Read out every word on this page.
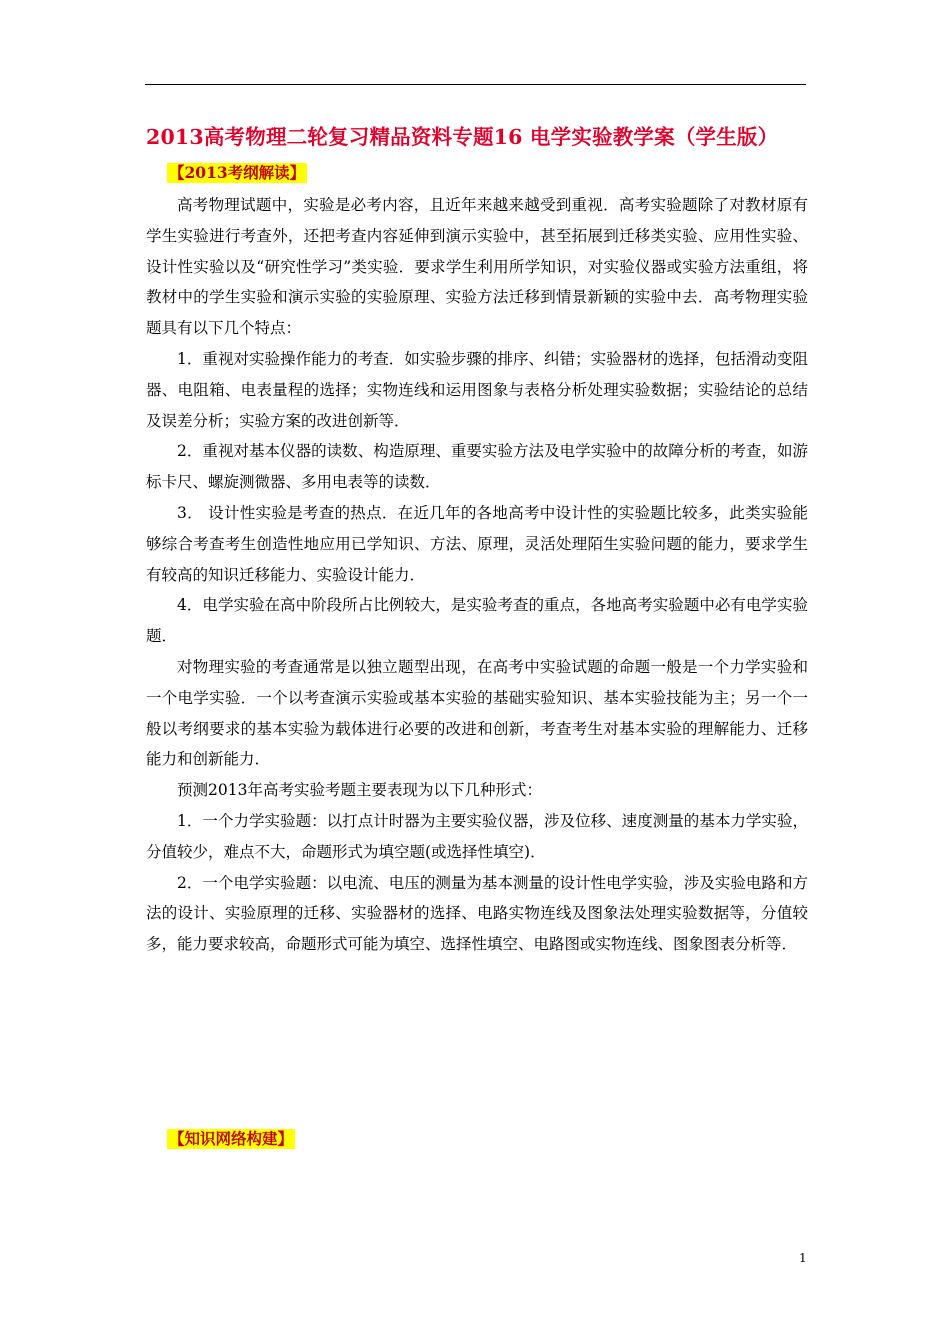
2013高考物理二轮复习精品资料专题16 电学实验教学案（学生版）
【2013考纲解读】

高考物理试题中，实验是必考内容，且近年来越来越受到重视．高考实验题除了对教材原有学生实验进行考查外，还把考查内容延伸到演示实验中，甚至拓展到迁移类实验、应用性实验、设计性实验以及“研究性学习”类实验．要求学生利用所学知识，对实验仪器或实验方法重组，将教材中的学生实验和演示实验的实验原理、实验方法迁移到情景新颖的实验中去．高考物理实验题具有以下几个特点：

1．重视对实验操作能力的考查．如实验步骤的排序、纠错；实验器材的选择，包括滑动变阻器、电阻箱、电表量程的选择；实物连线和运用图象与表格分析处理实验数据；实验结论的总结及误差分析；实验方案的改进创新等．

2．重视对基本仪器的读数、构造原理、重要实验方法及电学实验中的故障分析的考查，如游标卡尺、螺旋测微器、多用电表等的读数．

3． 设计性实验是考查的热点．在近几年的各地高考中设计性的实验题比较多，此类实验能够综合考查考生创造性地应用已学知识、方法、原理，灵活处理陌生实验问题的能力，要求学生有较高的知识迁移能力、实验设计能力．

4．电学实验在高中阶段所占比例较大，是实验考查的重点，各地高考实验题中必有电学实验题．

对物理实验的考查通常是以独立题型出现，在高考中实验试题的命题一般是一个力学实验和一个电学实验．一个以考查演示实验或基本实验的基础实验知识、基本实验技能为主；另一个一般以考纲要求的基本实验为载体进行必要的改进和创新，考查考生对基本实验的理解能力、迁移能力和创新能力．

预测2013年高考实验考题主要表现为以下几种形式：

1．一个力学实验题：以打点计时器为主要实验仪器，涉及位移、速度测量的基本力学实验，分值较少，难点不大，命题形式为填空题(或选择性填空)．

2．一个电学实验题：以电流、电压的测量为基本测量的设计性电学实验，涉及实验电路和方法的设计、实验原理的迁移、实验器材的选择、电路实物连线及图象法处理实验数据等，分值较多，能力要求较高，命题形式可能为填空、选择性填空、电路图或实物连线、图象图表分析等．

【知识网络构建】
1
